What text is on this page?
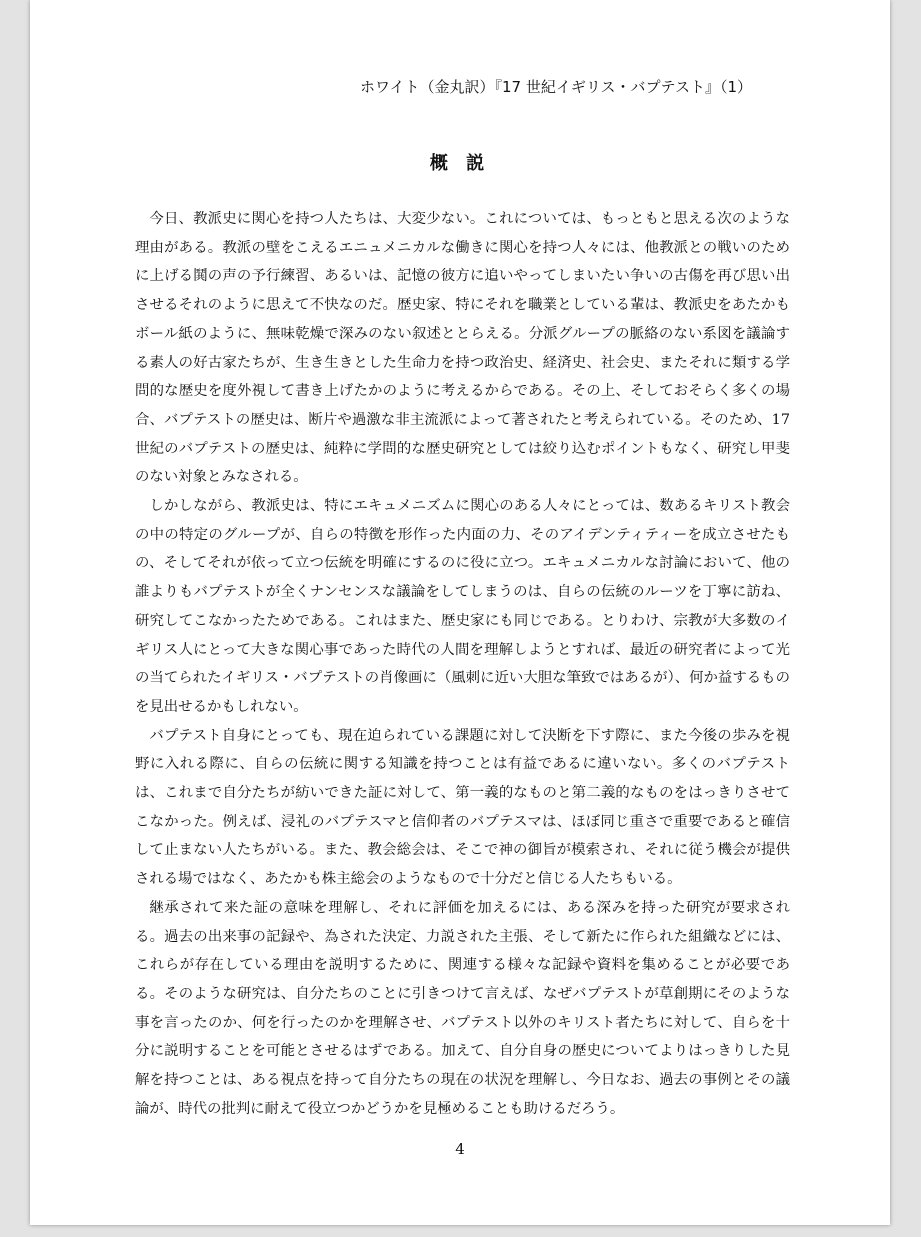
ホワイト（金丸訳）『17 世紀イギリス・バプテスト』（1）
概 説

今日、教派史に関心を持つ人たちは、大変少ない。これについては、もっともと思える次のような理由がある。教派の壁をこえるエニュメニカルな働きに関心を持つ人々には、他教派との戦いのために上げる鬨の声の予行練習、あるいは、記憶の彼方に追いやってしまいたい争いの古傷を再び思い出させるそれのように思えて不快なのだ。歴史家、特にそれを職業としている輩は、教派史をあたかもボール紙のように、無味乾燥で深みのない叙述ととらえる。分派グループの脈絡のない系図を議論する素人の好古家たちが、生き生きとした生命力を持つ政治史、経済史、社会史、またそれに類する学問的な歴史を度外視して書き上げたかのように考えるからである。その上、そしておそらく多くの場合、バプテストの歴史は、断片や過激な非主流派によって著されたと考えられている。そのため、17世紀のバプテストの歴史は、純粋に学問的な歴史研究としては絞り込むポイントもなく、研究し甲斐のない対象とみなされる。

しかしながら、教派史は、特にエキュメニズムに関心のある人々にとっては、数あるキリスト教会の中の特定のグループが、自らの特徴を形作った内面の力、そのアイデンティティーを成立させたもの、そしてそれが依って立つ伝統を明確にするのに役に立つ。エキュメニカルな討論において、他の誰よりもバプテストが全くナンセンスな議論をしてしまうのは、自らの伝統のルーツを丁寧に訪ね、研究してこなかったためである。これはまた、歴史家にも同じである。とりわけ、宗教が大多数のイギリス人にとって大きな関心事であった時代の人間を理解しようとすれば、最近の研究者によって光の当てられたイギリス・バプテストの肖像画に（風刺に近い大胆な筆致ではあるが）、何か益するものを見出せるかもしれない。

バプテスト自身にとっても、現在迫られている課題に対して決断を下す際に、また今後の歩みを視野に入れる際に、自らの伝統に関する知識を持つことは有益であるに違いない。多くのバプテストは、これまで自分たちが紡いできた証に対して、第一義的なものと第二義的なものをはっきりさせてこなかった。例えば、浸礼のバプテスマと信仰者のバプテスマは、ほぼ同じ重さで重要であると確信して止まない人たちがいる。また、教会総会は、そこで神の御旨が模索され、それに従う機会が提供される場ではなく、あたかも株主総会のようなもので十分だと信じる人たちもいる。

継承されて来た証の意味を理解し、それに評価を加えるには、ある深みを持った研究が要求される。過去の出来事の記録や、為された決定、力説された主張、そして新たに作られた組織などには、これらが存在している理由を説明するために、関連する様々な記録や資料を集めることが必要である。そのような研究は、自分たちのことに引きつけて言えば、なぜバプテストが草創期にそのような事を言ったのか、何を行ったのかを理解させ、バプテスト以外のキリスト者たちに対して、自らを十分に説明することを可能とさせるはずである。加えて、自分自身の歴史についてよりはっきりした見解を持つことは、ある視点を持って自分たちの現在の状況を理解し、今日なお、過去の事例とその議論が、時代の批判に耐えて役立つかどうかを見極めることも助けるだろう。

4
